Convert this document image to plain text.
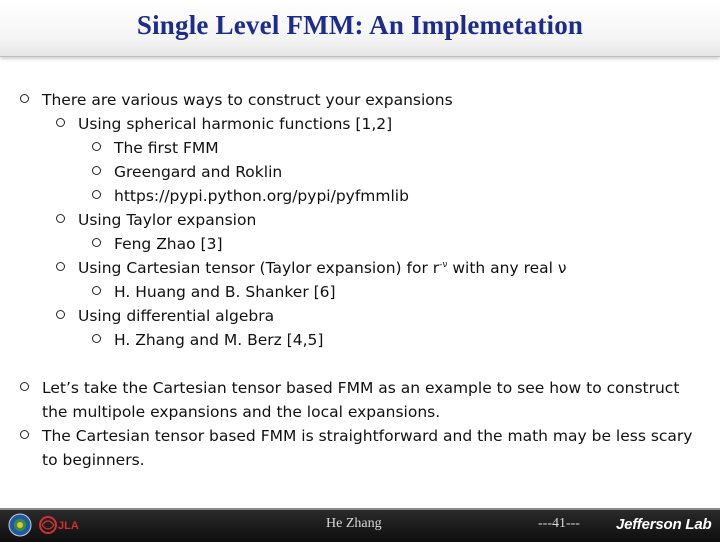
Single Level FMM: An Implemetation
There are various ways to construct your expansions
Using spherical harmonic functions [1,2]
The first FMM
Greengard and Roklin
https://pypi.python.org/pypi/pyfmmlib
Using Taylor expansion
Feng Zhao [3]
Using Cartesian tensor (Taylor expansion) for $r^{-\nu}$ with any real ν
H. Huang and B. Shanker [6]
Using differential algebra
H. Zhang and M. Berz [4,5]
Let’s take the Cartesian tensor based FMM as an example to see how to construct the multipole expansions and the local expansions.
The Cartesian tensor based FMM is straightforward and the math may be less scary to beginners.
JLA	He Zhang	---41--- Jefferson Lab
